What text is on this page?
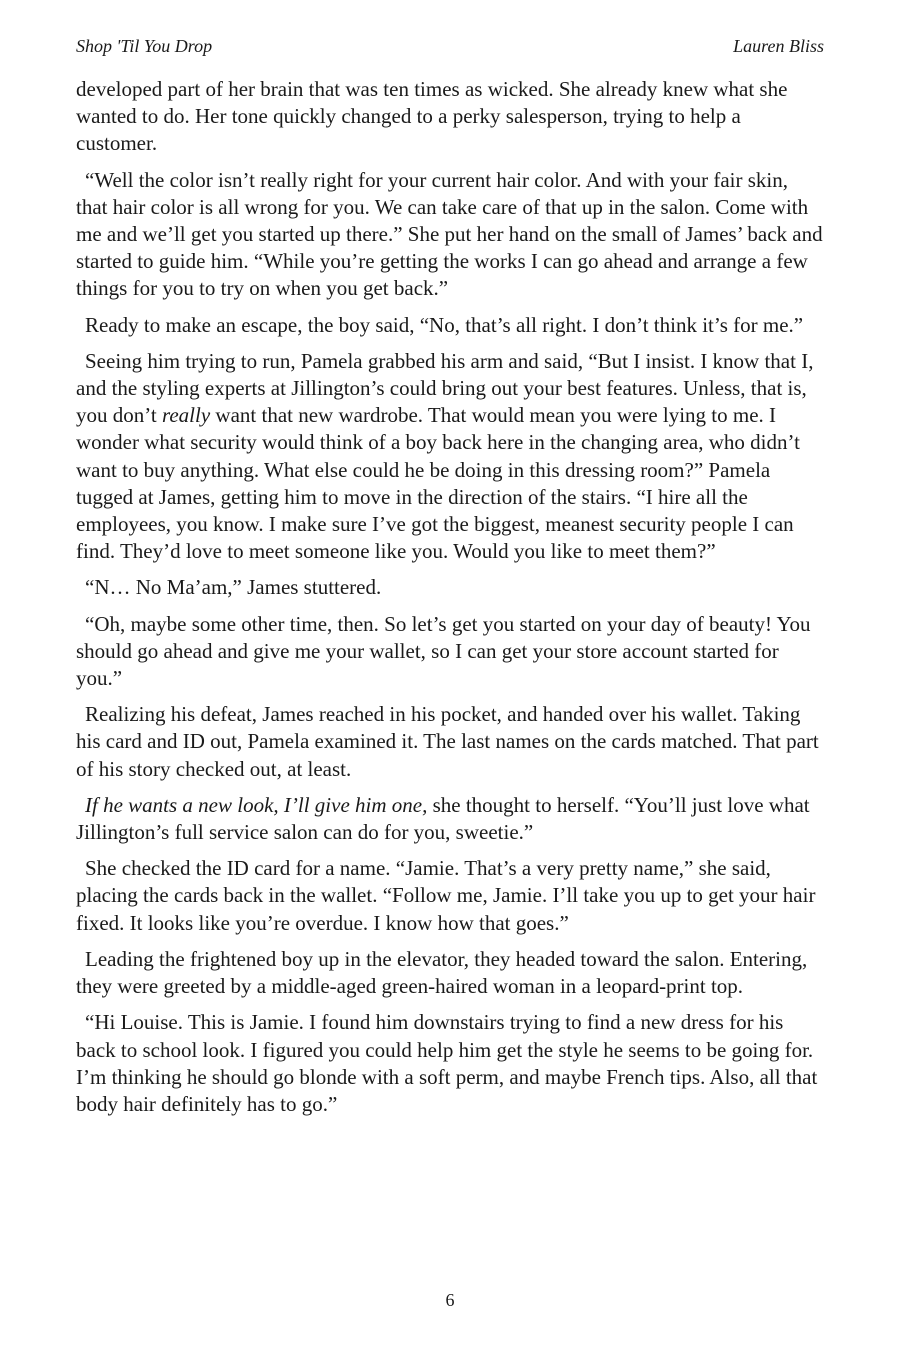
Shop 'Til You Drop	Lauren Bliss

developed part of her brain that was ten times as wicked. She already knew what she wanted to do. Her tone quickly changed to a perky salesperson, trying to help a customer.

“Well the color isn’t really right for your current hair color. And with your fair skin, that hair color is all wrong for you. We can take care of that up in the salon. Come with me and we’ll get you started up there.” She put her hand on the small of James’ back and started to guide him. “While you’re getting the works I can go ahead and arrange a few things for you to try on when you get back.”

Ready to make an escape, the boy said, “No, that’s all right. I don’t think it’s for me.”

Seeing him trying to run, Pamela grabbed his arm and said, “But I insist. I know that I, and the styling experts at Jillington’s could bring out your best features. Unless, that is, you don’t really want that new wardrobe. That would mean you were lying to me. I wonder what security would think of a boy back here in the changing area, who didn’t want to buy anything. What else could he be doing in this dressing room?” Pamela tugged at James, getting him to move in the direction of the stairs. “I hire all the employees, you know. I make sure I’ve got the biggest, meanest security people I can find. They’d love to meet someone like you. Would you like to meet them?”

“N… No Ma’am,” James stuttered.

“Oh, maybe some other time, then. So let’s get you started on your day of beauty! You should go ahead and give me your wallet, so I can get your store account started for you.”

Realizing his defeat, James reached in his pocket, and handed over his wallet. Taking his card and ID out, Pamela examined it. The last names on the cards matched. That part of his story checked out, at least.

If he wants a new look, I’ll give him one, she thought to herself. “You’ll just love what Jillington’s full service salon can do for you, sweetie.”

She checked the ID card for a name. “Jamie. That’s a very pretty name,” she said, placing the cards back in the wallet. “Follow me, Jamie. I’ll take you up to get your hair fixed. It looks like you’re overdue. I know how that goes.”

Leading the frightened boy up in the elevator, they headed toward the salon. Entering, they were greeted by a middle-aged green-haired woman in a leopard-print top.

“Hi Louise. This is Jamie. I found him downstairs trying to find a new dress for his back to school look. I figured you could help him get the style he seems to be going for. I’m thinking he should go blonde with a soft perm, and maybe French tips. Also, all that body hair definitely has to go.”

6
